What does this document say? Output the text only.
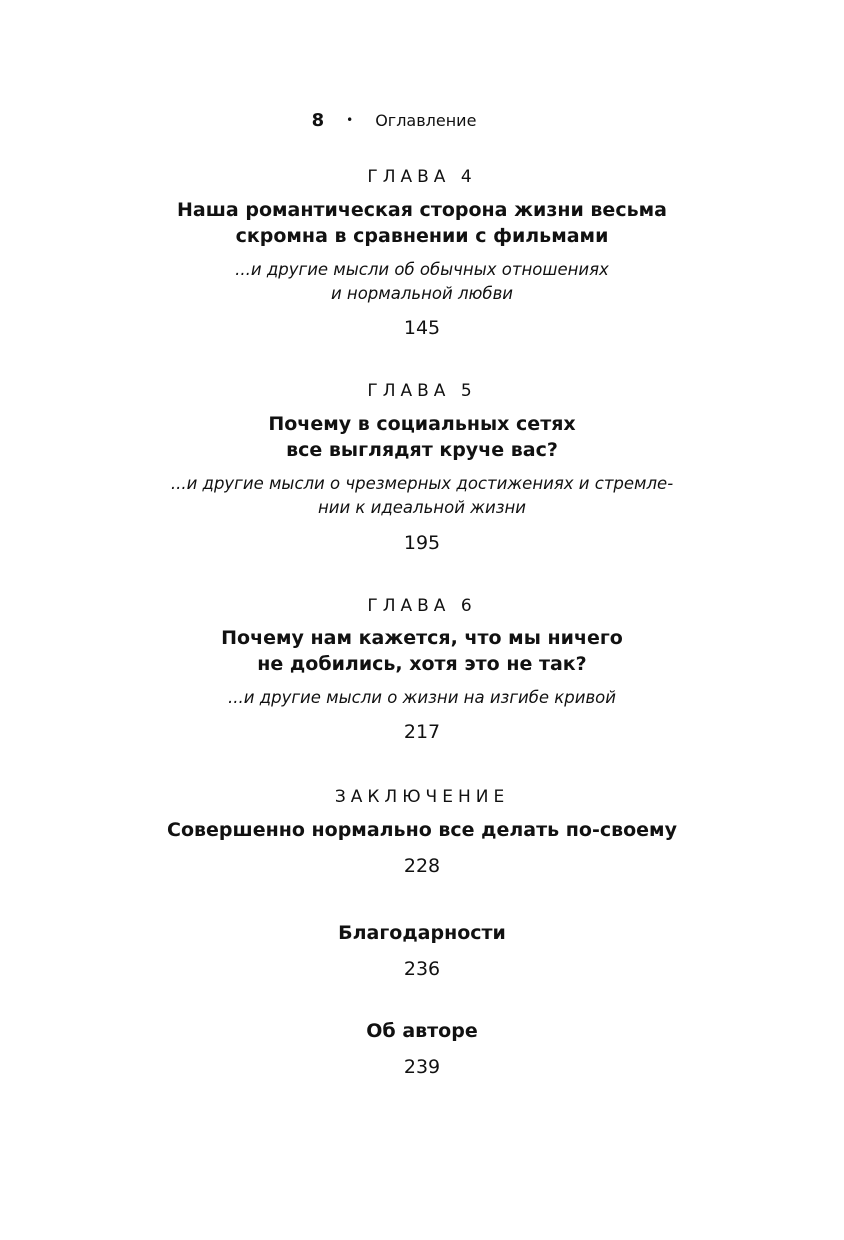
8 • Оглавление
ГЛАВА 4
Наша романтическая сторона жизни весьма
скромна в сравнении с фильмами
...и другие мысли об обычных отношениях
и нормальной любви
145
ГЛАВА 5
Почему в социальных сетях
все выглядят круче вас?
...и другие мысли о чрезмерных достижениях и стремле-
нии к идеальной жизни
195
ГЛАВА 6
Почему нам кажется, что мы ничего
не добились, хотя это не так?
...и другие мысли о жизни на изгибе кривой
217
ЗАКЛЮЧЕНИЕ
Совершенно нормально все делать по-своему
228
Благодарности
236
Об авторе
239
